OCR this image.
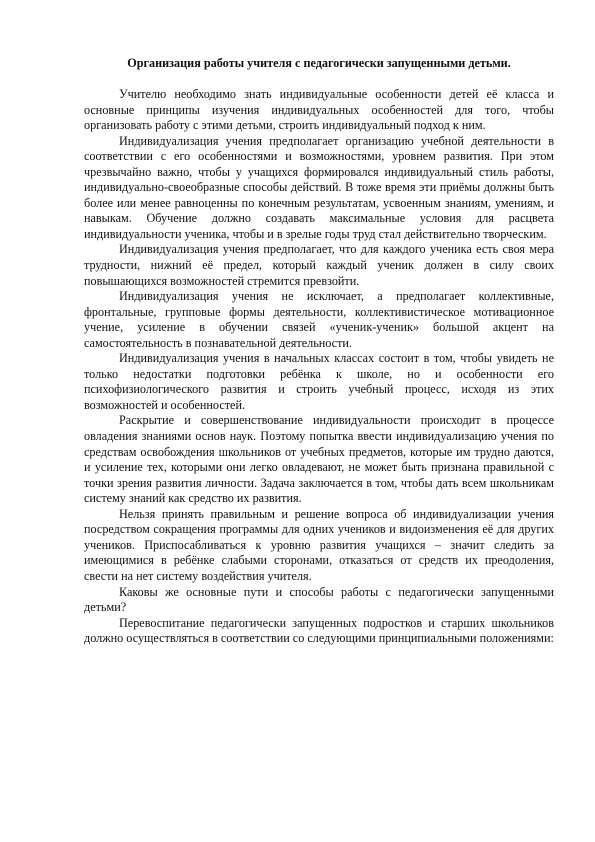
Организация работы учителя с педагогически запущенными детьми.

Учителю необходимо знать индивидуальные особенности детей её класса и основные принципы изучения индивидуальных особенностей для того, чтобы организовать работу с этими детьми, строить индивидуальный подход к ним.

Индивидуализация учения предполагает организацию учебной деятельности в соответствии с его особенностями и возможностями, уровнем развития. При этом чрезвычайно важно, чтобы у учащихся формировался индивидуальный стиль работы, индивидуально-своеобразные способы действий. В тоже время эти приёмы должны быть более или менее равноценны по конечным результатам, усвоенным знаниям, умениям, и навыкам. Обучение должно создавать максимальные условия для расцвета индивидуальности ученика, чтобы и в зрелые годы труд стал действительно творческим.

Индивидуализация учения предполагает, что для каждого ученика есть своя мера трудности, нижний её предел, который каждый ученик должен в силу своих повышающихся возможностей стремится превзойти.

Индивидуализация учения не исключает, а предполагает коллективные, фронтальные, групповые формы деятельности, коллективистическое мотивационное учение, усиление в обучении связей «ученик-ученик» большой акцент на самостоятельность в познавательной деятельности.

Индивидуализация учения в начальных классах состоит в том, чтобы увидеть не только недостатки подготовки ребёнка к школе, но и особенности его психофизиологического развития и строить учебный процесс, исходя из этих возможностей и особенностей.

Раскрытие и совершенствование индивидуальности происходит в процессе овладения знаниями основ наук. Поэтому попытка ввести индивидуализацию учения по средствам освобождения школьников от учебных предметов, которые им трудно даются, и усиление тех, которыми они легко овладевают, не может быть признана правильной с точки зрения развития личности. Задача заключается в том, чтобы дать всем школьникам систему знаний как средство их развития.

Нельзя принять правильным и решение вопроса об индивидуализации учения посредством сокращения программы для одних учеников и видоизменения её для других учеников. Приспосабливаться к уровню развития учащихся – значит следить за имеющимися в ребёнке слабыми сторонами, отказаться от средств их преодоления, свести на нет систему воздействия учителя.

Каковы же основные пути и способы работы с педагогически запущенными детьми?

Перевоспитание педагогически запущенных подростков и старших школьников должно осуществляться в соответствии со следующими принципиальными положениями:
